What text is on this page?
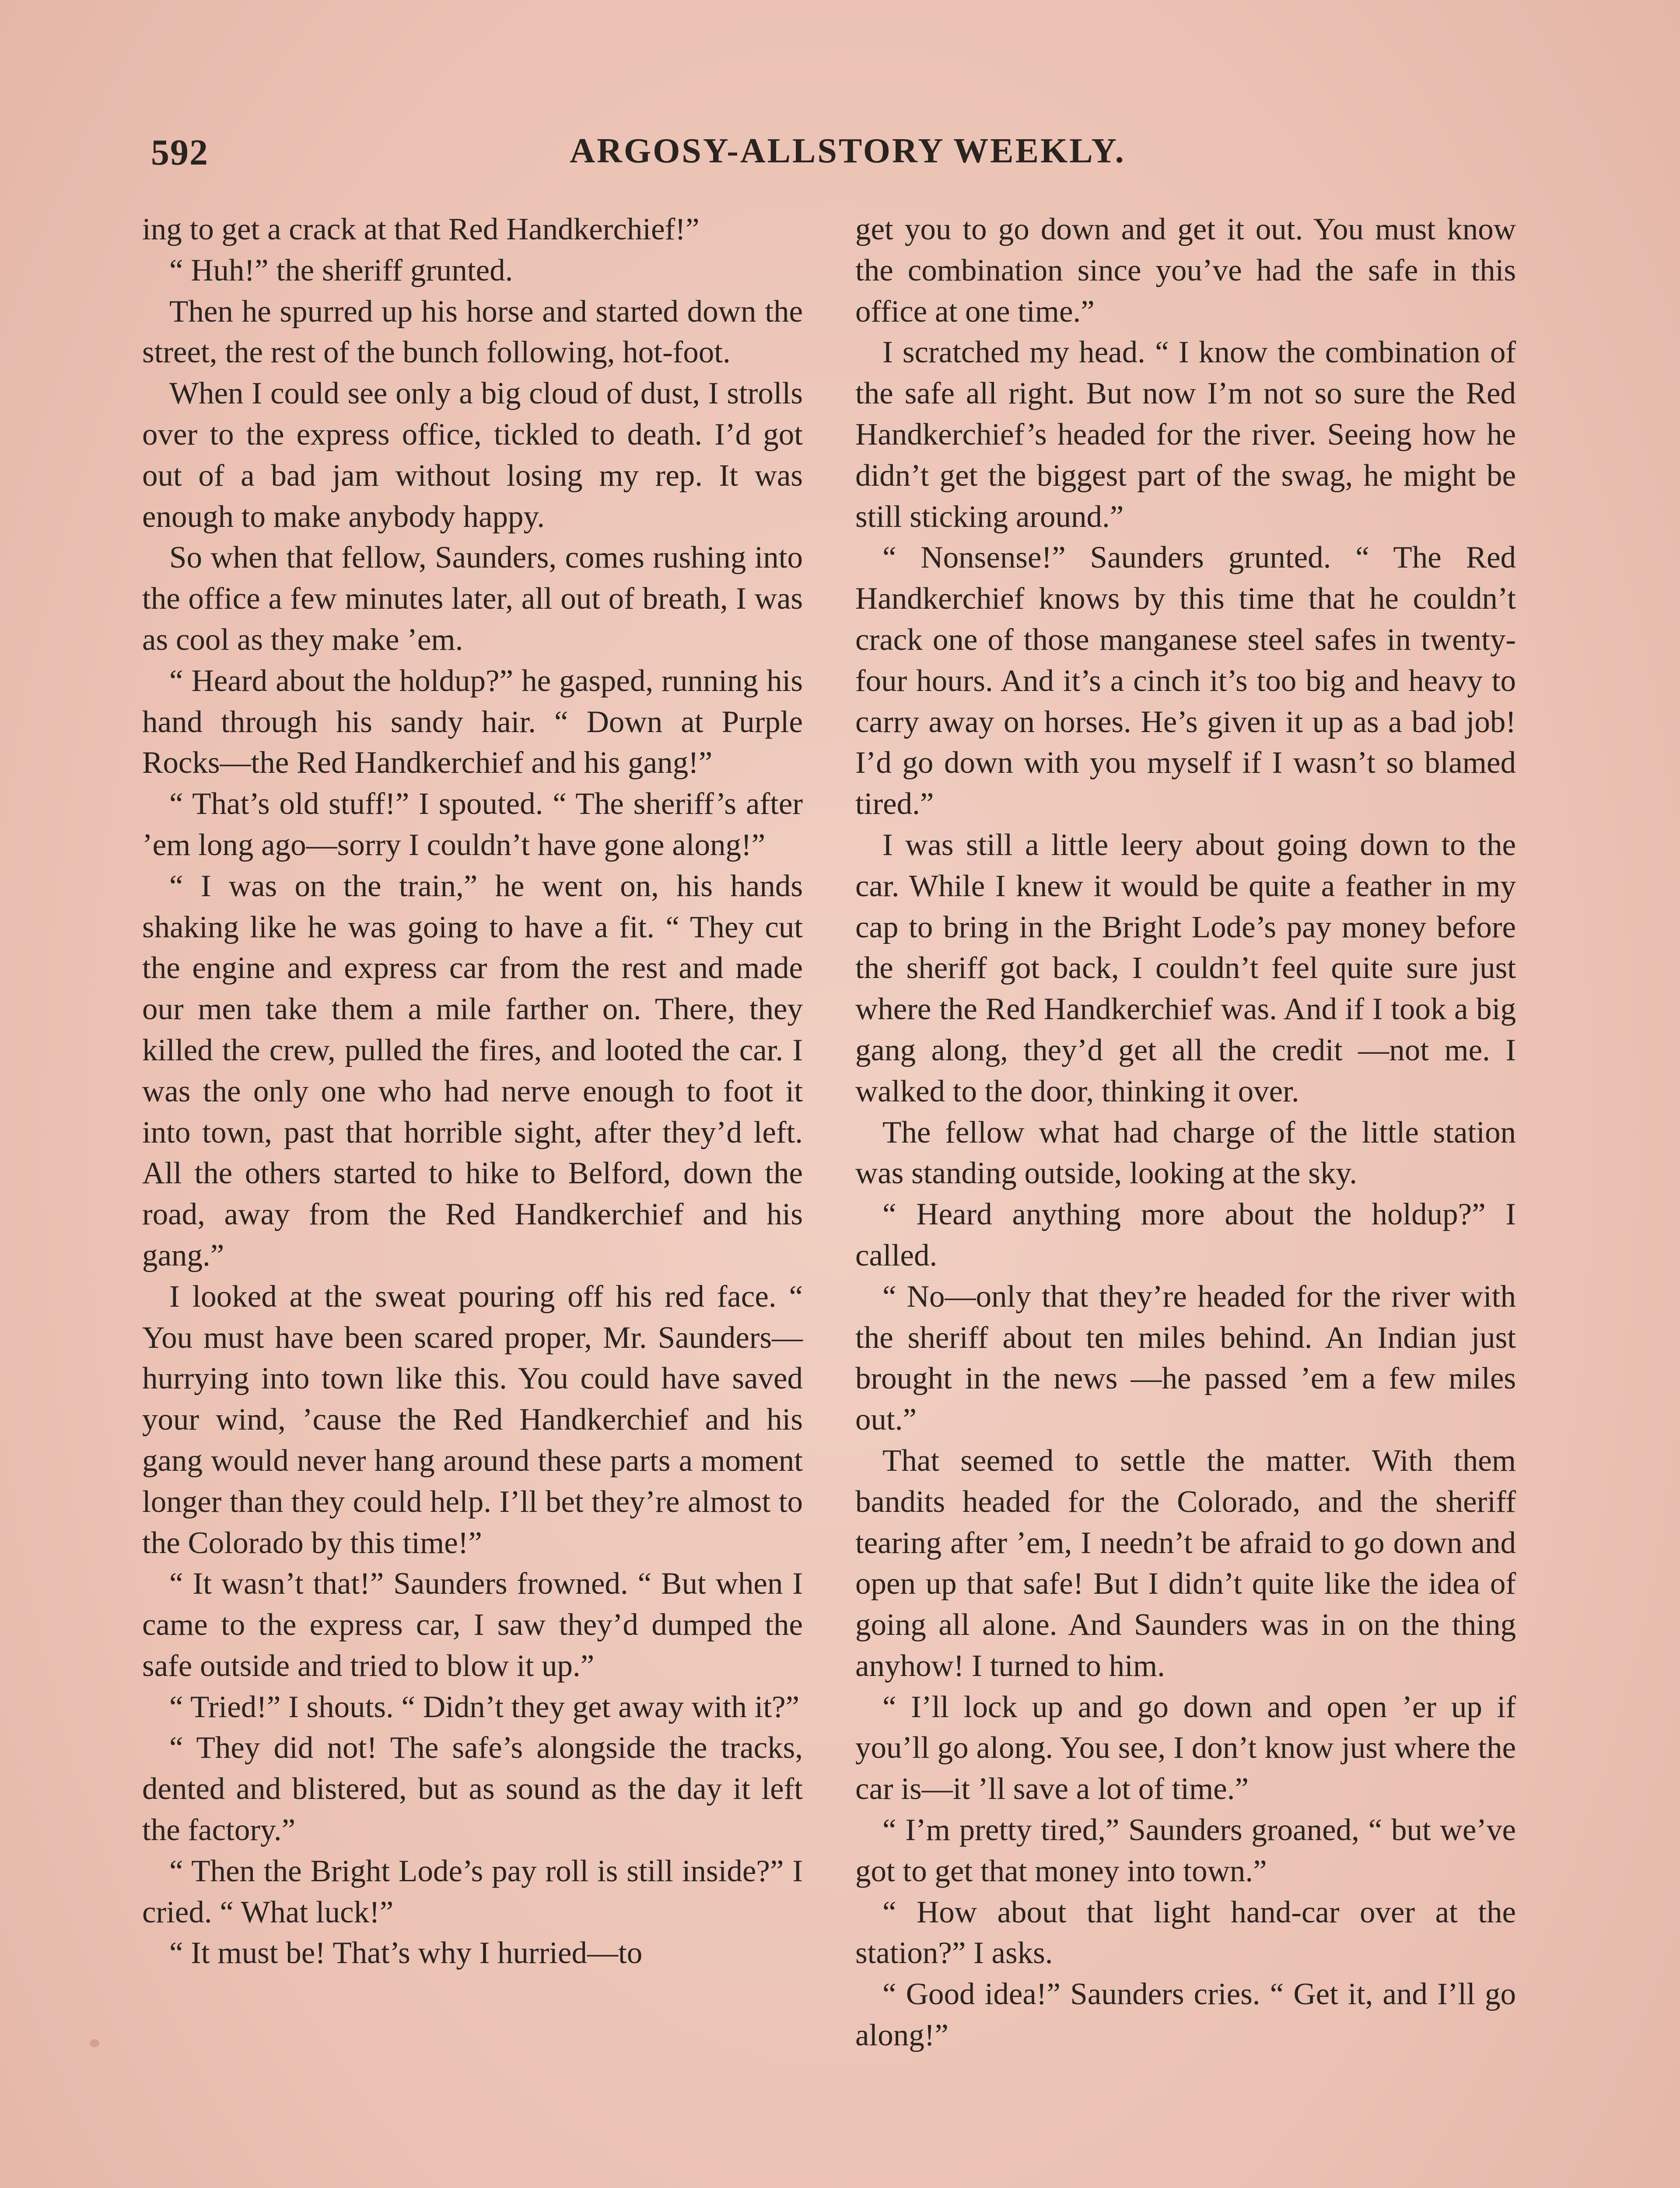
592	ARGOSY-ALLSTORY WEEKLY.

ing to get a crack at that Red Handkerchief!”

“ Huh!” the sheriff grunted.

Then he spurred up his horse and started down the street, the rest of the bunch following, hot-foot.

When I could see only a big cloud of dust, I strolls over to the express office, tickled to death. I’d got out of a bad jam without losing my rep. It was enough to make anybody happy.

So when that fellow, Saunders, comes rushing into the office a few minutes later, all out of breath, I was as cool as they make ’em.

“ Heard about the holdup?” he gasped, running his hand through his sandy hair. “ Down at Purple Rocks—the Red Handkerchief and his gang!”

“ That’s old stuff!” I spouted. “ The sheriff’s after ’em long ago—sorry I couldn’t have gone along!”

“ I was on the train,” he went on, his hands shaking like he was going to have a fit. “ They cut the engine and express car from the rest and made our men take them a mile farther on. There, they killed the crew, pulled the fires, and looted the car. I was the only one who had nerve enough to foot it into town, past that horrible sight, after they’d left. All the others started to hike to Belford, down the road, away from the Red Handkerchief and his gang.”

I looked at the sweat pouring off his red face. “ You must have been scared proper, Mr. Saunders—hurrying into town like this. You could have saved your wind, ’cause the Red Handkerchief and his gang would never hang around these parts a moment longer than they could help. I’ll bet they’re almost to the Colorado by this time!”

“ It wasn’t that!” Saunders frowned. “ But when I came to the express car, I saw they’d dumped the safe outside and tried to blow it up.”

“ Tried!” I shouts. “ Didn’t they get away with it?”

“ They did not! The safe’s alongside the tracks, dented and blistered, but as sound as the day it left the factory.”

“ Then the Bright Lode’s pay roll is still inside?” I cried. “ What luck!”

“ It must be! That’s why I hurried—to

get you to go down and get it out. You must know the combination since you’ve had the safe in this office at one time.”

I scratched my head. “ I know the combination of the safe all right. But now I’m not so sure the Red Handkerchief’s headed for the river. Seeing how he didn’t get the biggest part of the swag, he might be still sticking around.”

“ Nonsense!” Saunders grunted. “ The Red Handkerchief knows by this time that he couldn’t crack one of those manganese steel safes in twenty-four hours. And it’s a cinch it’s too big and heavy to carry away on horses. He’s given it up as a bad job! I’d go down with you myself if I wasn’t so blamed tired.”

I was still a little leery about going down to the car. While I knew it would be quite a feather in my cap to bring in the Bright Lode’s pay money before the sheriff got back, I couldn’t feel quite sure just where the Red Handkerchief was. And if I took a big gang along, they’d get all the credit —not me. I walked to the door, thinking it over.

The fellow what had charge of the little station was standing outside, looking at the sky.

“ Heard anything more about the holdup?” I called.

“ No—only that they’re headed for the river with the sheriff about ten miles behind. An Indian just brought in the news —he passed ’em a few miles out.”

That seemed to settle the matter. With them bandits headed for the Colorado, and the sheriff tearing after ’em, I needn’t be afraid to go down and open up that safe! But I didn’t quite like the idea of going all alone. And Saunders was in on the thing anyhow! I turned to him.

“ I’ll lock up and go down and open ’er up if you’ll go along. You see, I don’t know just where the car is—it ’ll save a lot of time.”

“ I’m pretty tired,” Saunders groaned, “ but we’ve got to get that money into town.”

“ How about that light hand-car over at the station?” I asks.

“ Good idea!” Saunders cries. “ Get it, and I’ll go along!”
